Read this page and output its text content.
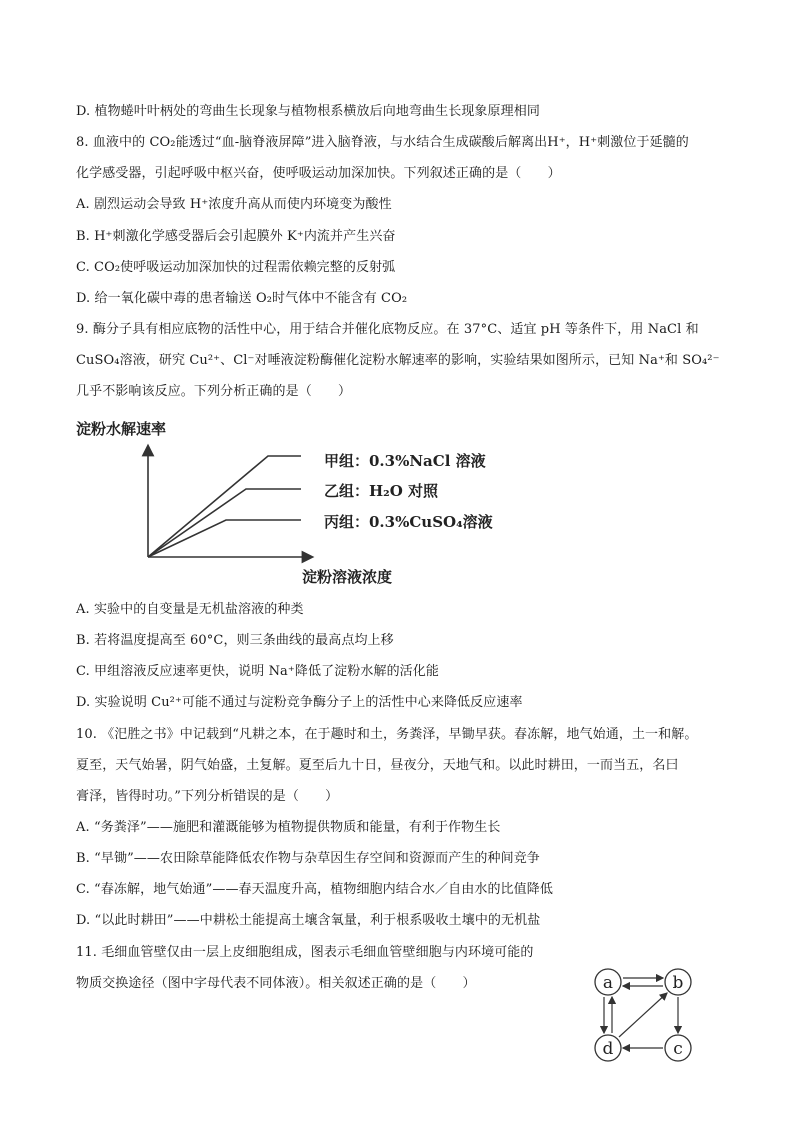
D. 植物蜷叶叶柄处的弯曲生长现象与植物根系横放后向地弯曲生长现象原理相同
8. 血液中的 CO₂能透过“血-脑脊液屏障”进入脑脊液，与水结合生成碳酸后解离出H⁺，H⁺刺激位于延髓的
化学感受器，引起呼吸中枢兴奋，使呼吸运动加深加快。下列叙述正确的是（　　）
A. 剧烈运动会导致 H⁺浓度升高从而使内环境变为酸性
B. H⁺刺激化学感受器后会引起膜外 K⁺内流并产生兴奋
C. CO₂使呼吸运动加深加快的过程需依赖完整的反射弧
D. 给一氧化碳中毒的患者输送 O₂时气体中不能含有 CO₂
9. 酶分子具有相应底物的活性中心，用于结合并催化底物反应。在 37°C、适宜 pH 等条件下，用 NaCl 和
CuSO₄溶液，研究 Cu²⁺、Cl⁻对唾液淀粉酶催化淀粉水解速率的影响，实验结果如图所示，已知 Na⁺和 SO₄²⁻
几乎不影响该反应。下列分析正确的是（　　）
淀粉水解速率
甲组：0.3%NaCl 溶液
乙组：H₂O 对照
丙组：0.3%CuSO₄溶液
淀粉溶液浓度
A. 实验中的自变量是无机盐溶液的种类
B. 若将温度提高至 60°C，则三条曲线的最高点均上移
C. 甲组溶液反应速率更快，说明 Na⁺降低了淀粉水解的活化能
D. 实验说明 Cu²⁺可能不通过与淀粉竞争酶分子上的活性中心来降低反应速率
10. 《汜胜之书》中记载到“凡耕之本，在于趣时和土，务粪泽，早锄早获。春冻解，地气始通，土一和解。
夏至，天气始暑，阴气始盛，土复解。夏至后九十日，昼夜分，天地气和。以此时耕田，一而当五，名曰
膏泽，皆得时功。”下列分析错误的是（　　）
A. “务粪泽”——施肥和灌溉能够为植物提供物质和能量，有利于作物生长
B. “早锄”——农田除草能降低农作物与杂草因生存空间和资源而产生的种间竞争
C. “春冻解，地气始通”——春天温度升高，植物细胞内结合水／自由水的比值降低
D. “以此时耕田”——中耕松土能提高土壤含氧量，利于根系吸收土壤中的无机盐
11. 毛细血管壁仅由一层上皮细胞组成，图表示毛细血管壁细胞与内环境可能的
物质交换途径（图中字母代表不同体液）。相关叙述正确的是（　　）	a	b
c
d
